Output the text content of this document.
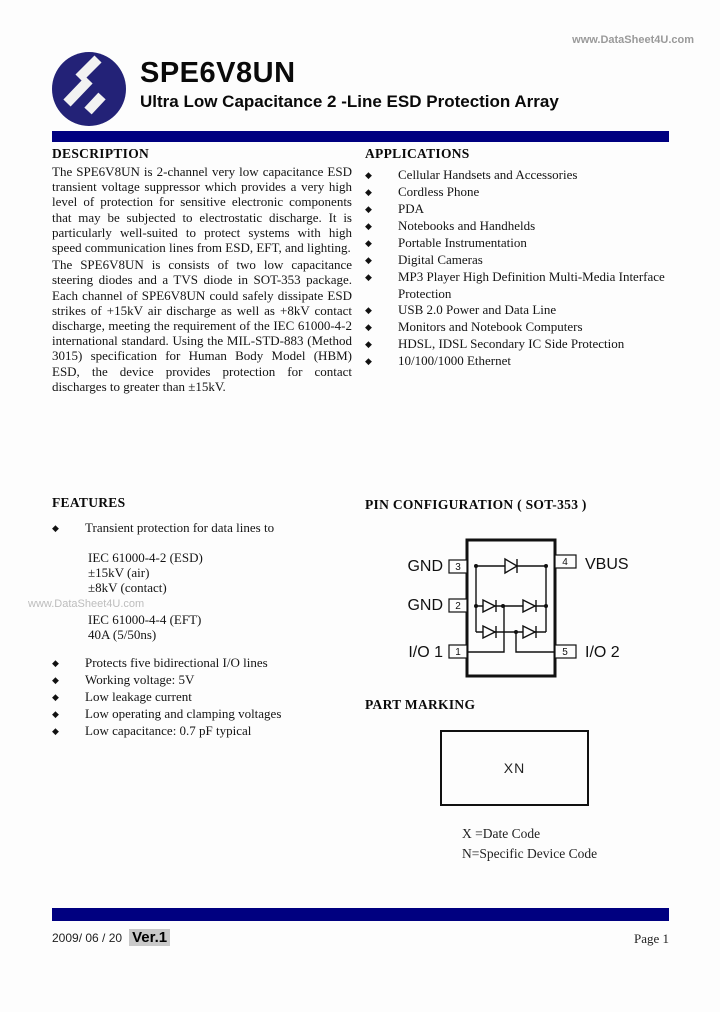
www.DataSheet4U.com
www.DataSheet4U.com
SPE6V8UN
Ultra Low Capacitance 2 -Line ESD Protection Array
DESCRIPTION

The SPE6V8UN is 2-channel very low capacitance ESD transient voltage suppressor which provides a very high level of protection for sensitive electronic components that may be subjected to electrostatic discharge. It is particularly well-suited to protect systems with high speed communication lines from ESD, EFT, and lighting.

The SPE6V8UN is consists of two low capacitance steering diodes and a TVS diode in SOT-353 package. Each channel of SPE6V8UN could safely dissipate ESD strikes of +15kV air discharge as well as +8kV contact discharge, meeting the requirement of the IEC 61000-4-2 international standard. Using the MIL-STD-883 (Method 3015) specification for Human Body Model (HBM) ESD, the device provides protection for contact discharges to greater than ±15kV.

APPLICATIONS
◆	Cellular Handsets and Accessories
◆	Cordless Phone
◆	PDA
◆	Notebooks and Handhelds
◆	Portable Instrumentation
◆	Digital Cameras
◆	MP3 Player High Definition Multi-Media Interface Protection
◆	USB 2.0 Power and Data Line
◆	Monitors and Notebook Computers
◆	HDSL, IDSL Secondary IC Side Protection
◆	10/100/1000 Ethernet
FEATURES
◆	Transient protection for data lines to
IEC 61000-4-2 (ESD)
±15kV (air)
±8kV (contact)
IEC 61000-4-4 (EFT)
40A (5/50ns)
◆	Protects five bidirectional I/O lines
◆	Working voltage: 5V
◆	Low leakage current
◆	Low operating and clamping voltages
◆	Low capacitance: 0.7 pF typical
PIN CONFIGURATION ( SOT-353 )
3
2
1
4
5
GND
GND
I/O 1
VBUS
I/O 2
PART MARKING
XN
X =Date Code
N=Specific Device Code
2009/ 06 / 20 Ver.1	Page 1
